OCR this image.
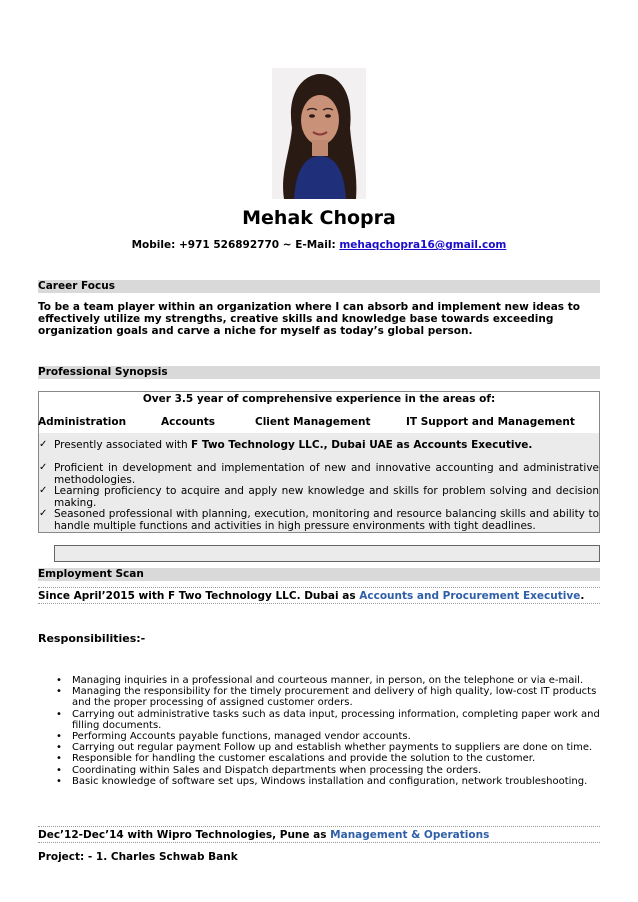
Mehak Chopra
Mobile: +971 526892770 ~ E-Mail: mehaqchopra16@gmail.com
Career Focus
To be a team player within an organization where I can absorb and implement new ideas to effectively utilize my strengths, creative skills and knowledge base towards exceeding organization goals and carve a niche for myself as today’s global person.
Professional Synopsis
Over 3.5 year of comprehensive experience in the areas of:
Administration	Accounts	Client Management	IT Support and Management
✓ Presently associated with F Two Technology LLC., Dubai UAE as Accounts Executive.
✓ Proficient in development and implementation of new and innovative accounting and administrative methodologies.
✓ Learning proficiency to acquire and apply new knowledge and skills for problem solving and decision making.
✓ Seasoned professional with planning, execution, monitoring and resource balancing skills and ability to handle multiple functions and activities in high pressure environments with tight deadlines.
Employment Scan
Since April’2015 with F Two Technology LLC. Dubai as Accounts and Procurement Executive.
Responsibilities:-
• Managing inquiries in a professional and courteous manner, in person, on the telephone or via e-mail.
• Managing the responsibility for the timely procurement and delivery of high quality, low-cost IT products and the proper processing of assigned customer orders.
• Carrying out administrative tasks such as data input, processing information, completing paper work and filling documents.
• Performing Accounts payable functions, managed vendor accounts.
• Carrying out regular payment Follow up and establish whether payments to suppliers are done on time.
• Responsible for handling the customer escalations and provide the solution to the customer.
• Coordinating within Sales and Dispatch departments when processing the orders.
• Basic knowledge of software set ups, Windows installation and configuration, network troubleshooting.
Dec’12-Dec’14 with Wipro Technologies, Pune as Management & Operations
Project: - 1. Charles Schwab Bank
